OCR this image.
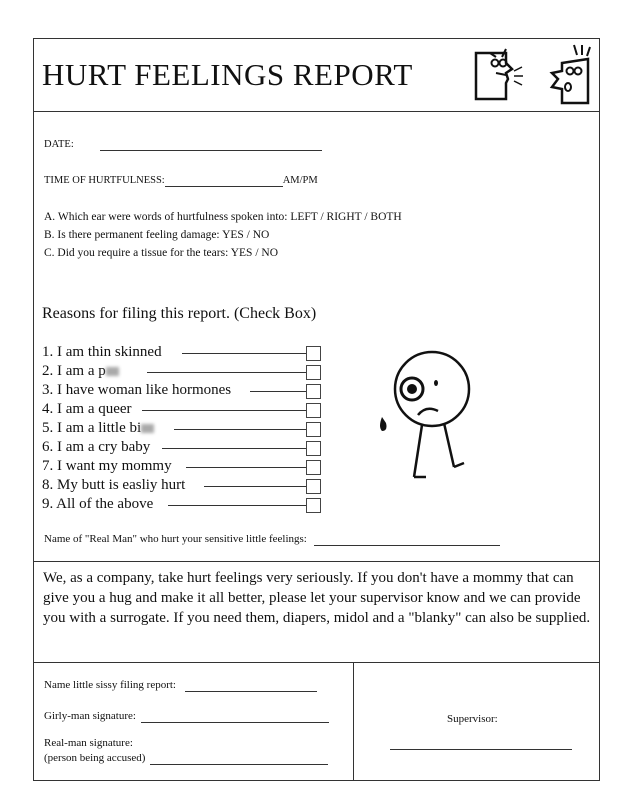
HURT FEELINGS REPORT
DATE:
TIME OF HURTFULNESS:	AM/PM
A. Which ear were words of hurtfulness spoken into: LEFT / RIGHT / BOTH
B. Is there permanent feeling damage: YES / NO
C. Did you require a tissue for the tears: YES / NO
Reasons for filing this report. (Check Box)
1. I am thin skinned
2. I am a p
3. I have woman like hormones
4. I am a queer
5. I am a little bi
6. I am a cry baby
7. I want my mommy
8. My butt is easliy hurt
9. All of the above
Name of "Real Man" who hurt your sensitive little feelings:
We, as a company, take hurt feelings very seriously. If you don't have a mommy that can give you a hug and make it all better, please let your supervisor know and we can provide you with a surrogate. If you need them, diapers, midol and a "blanky" can also be supplied.
Name little sissy filing report:
Girly-man signature:
Real-man signature:
(person being accused)
Supervisor:
